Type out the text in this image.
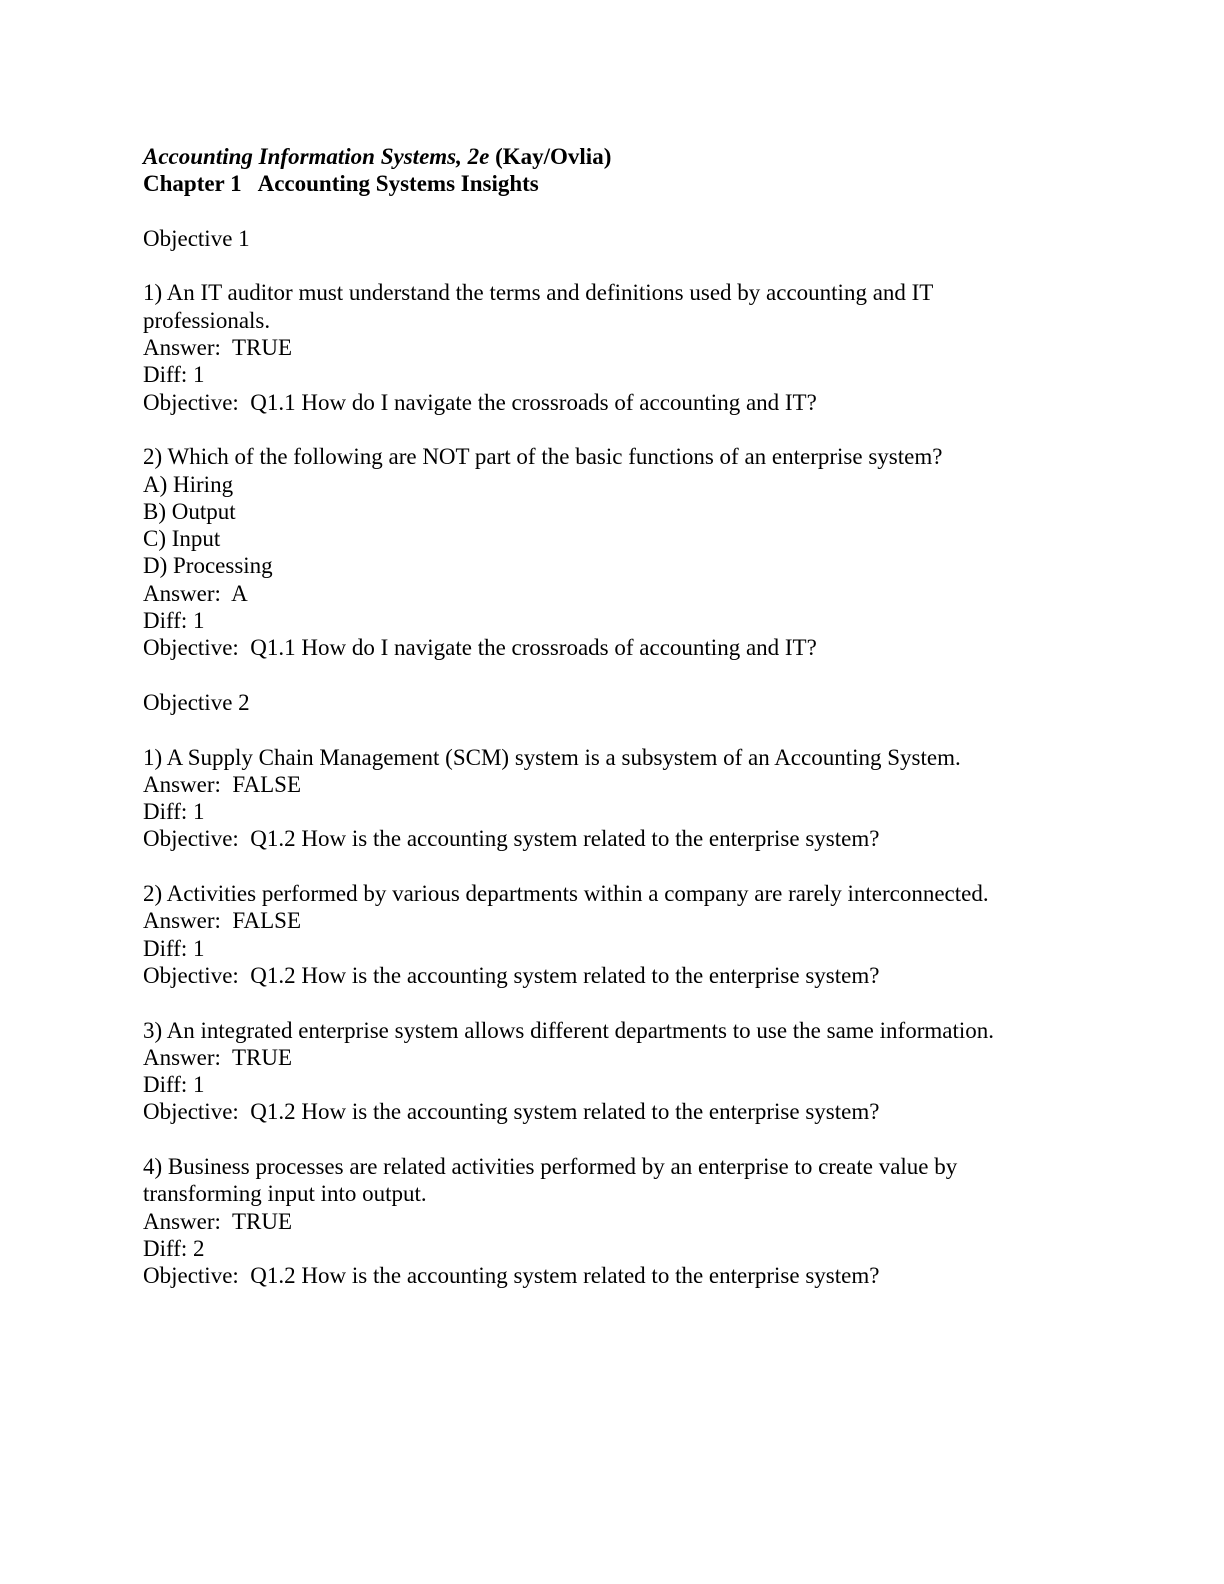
Accounting Information Systems, 2e (Kay/Ovlia)
Chapter 1 Accounting Systems Insights
Objective 1
1) An IT auditor must understand the terms and definitions used by accounting and IT
professionals.
Answer:  TRUE
Diff: 1
Objective:  Q1.1 How do I navigate the crossroads of accounting and IT?
2) Which of the following are NOT part of the basic functions of an enterprise system?
A) Hiring
B) Output
C) Input
D) Processing
Answer:  A
Diff: 1
Objective:  Q1.1 How do I navigate the crossroads of accounting and IT?
Objective 2
1) A Supply Chain Management (SCM) system is a subsystem of an Accounting System.
Answer:  FALSE
Diff: 1
Objective:  Q1.2 How is the accounting system related to the enterprise system?
2) Activities performed by various departments within a company are rarely interconnected.
Answer:  FALSE
Diff: 1
Objective:  Q1.2 How is the accounting system related to the enterprise system?
3) An integrated enterprise system allows different departments to use the same information.
Answer:  TRUE
Diff: 1
Objective:  Q1.2 How is the accounting system related to the enterprise system?
4) Business processes are related activities performed by an enterprise to create value by
transforming input into output.
Answer:  TRUE
Diff: 2
Objective:  Q1.2 How is the accounting system related to the enterprise system?
